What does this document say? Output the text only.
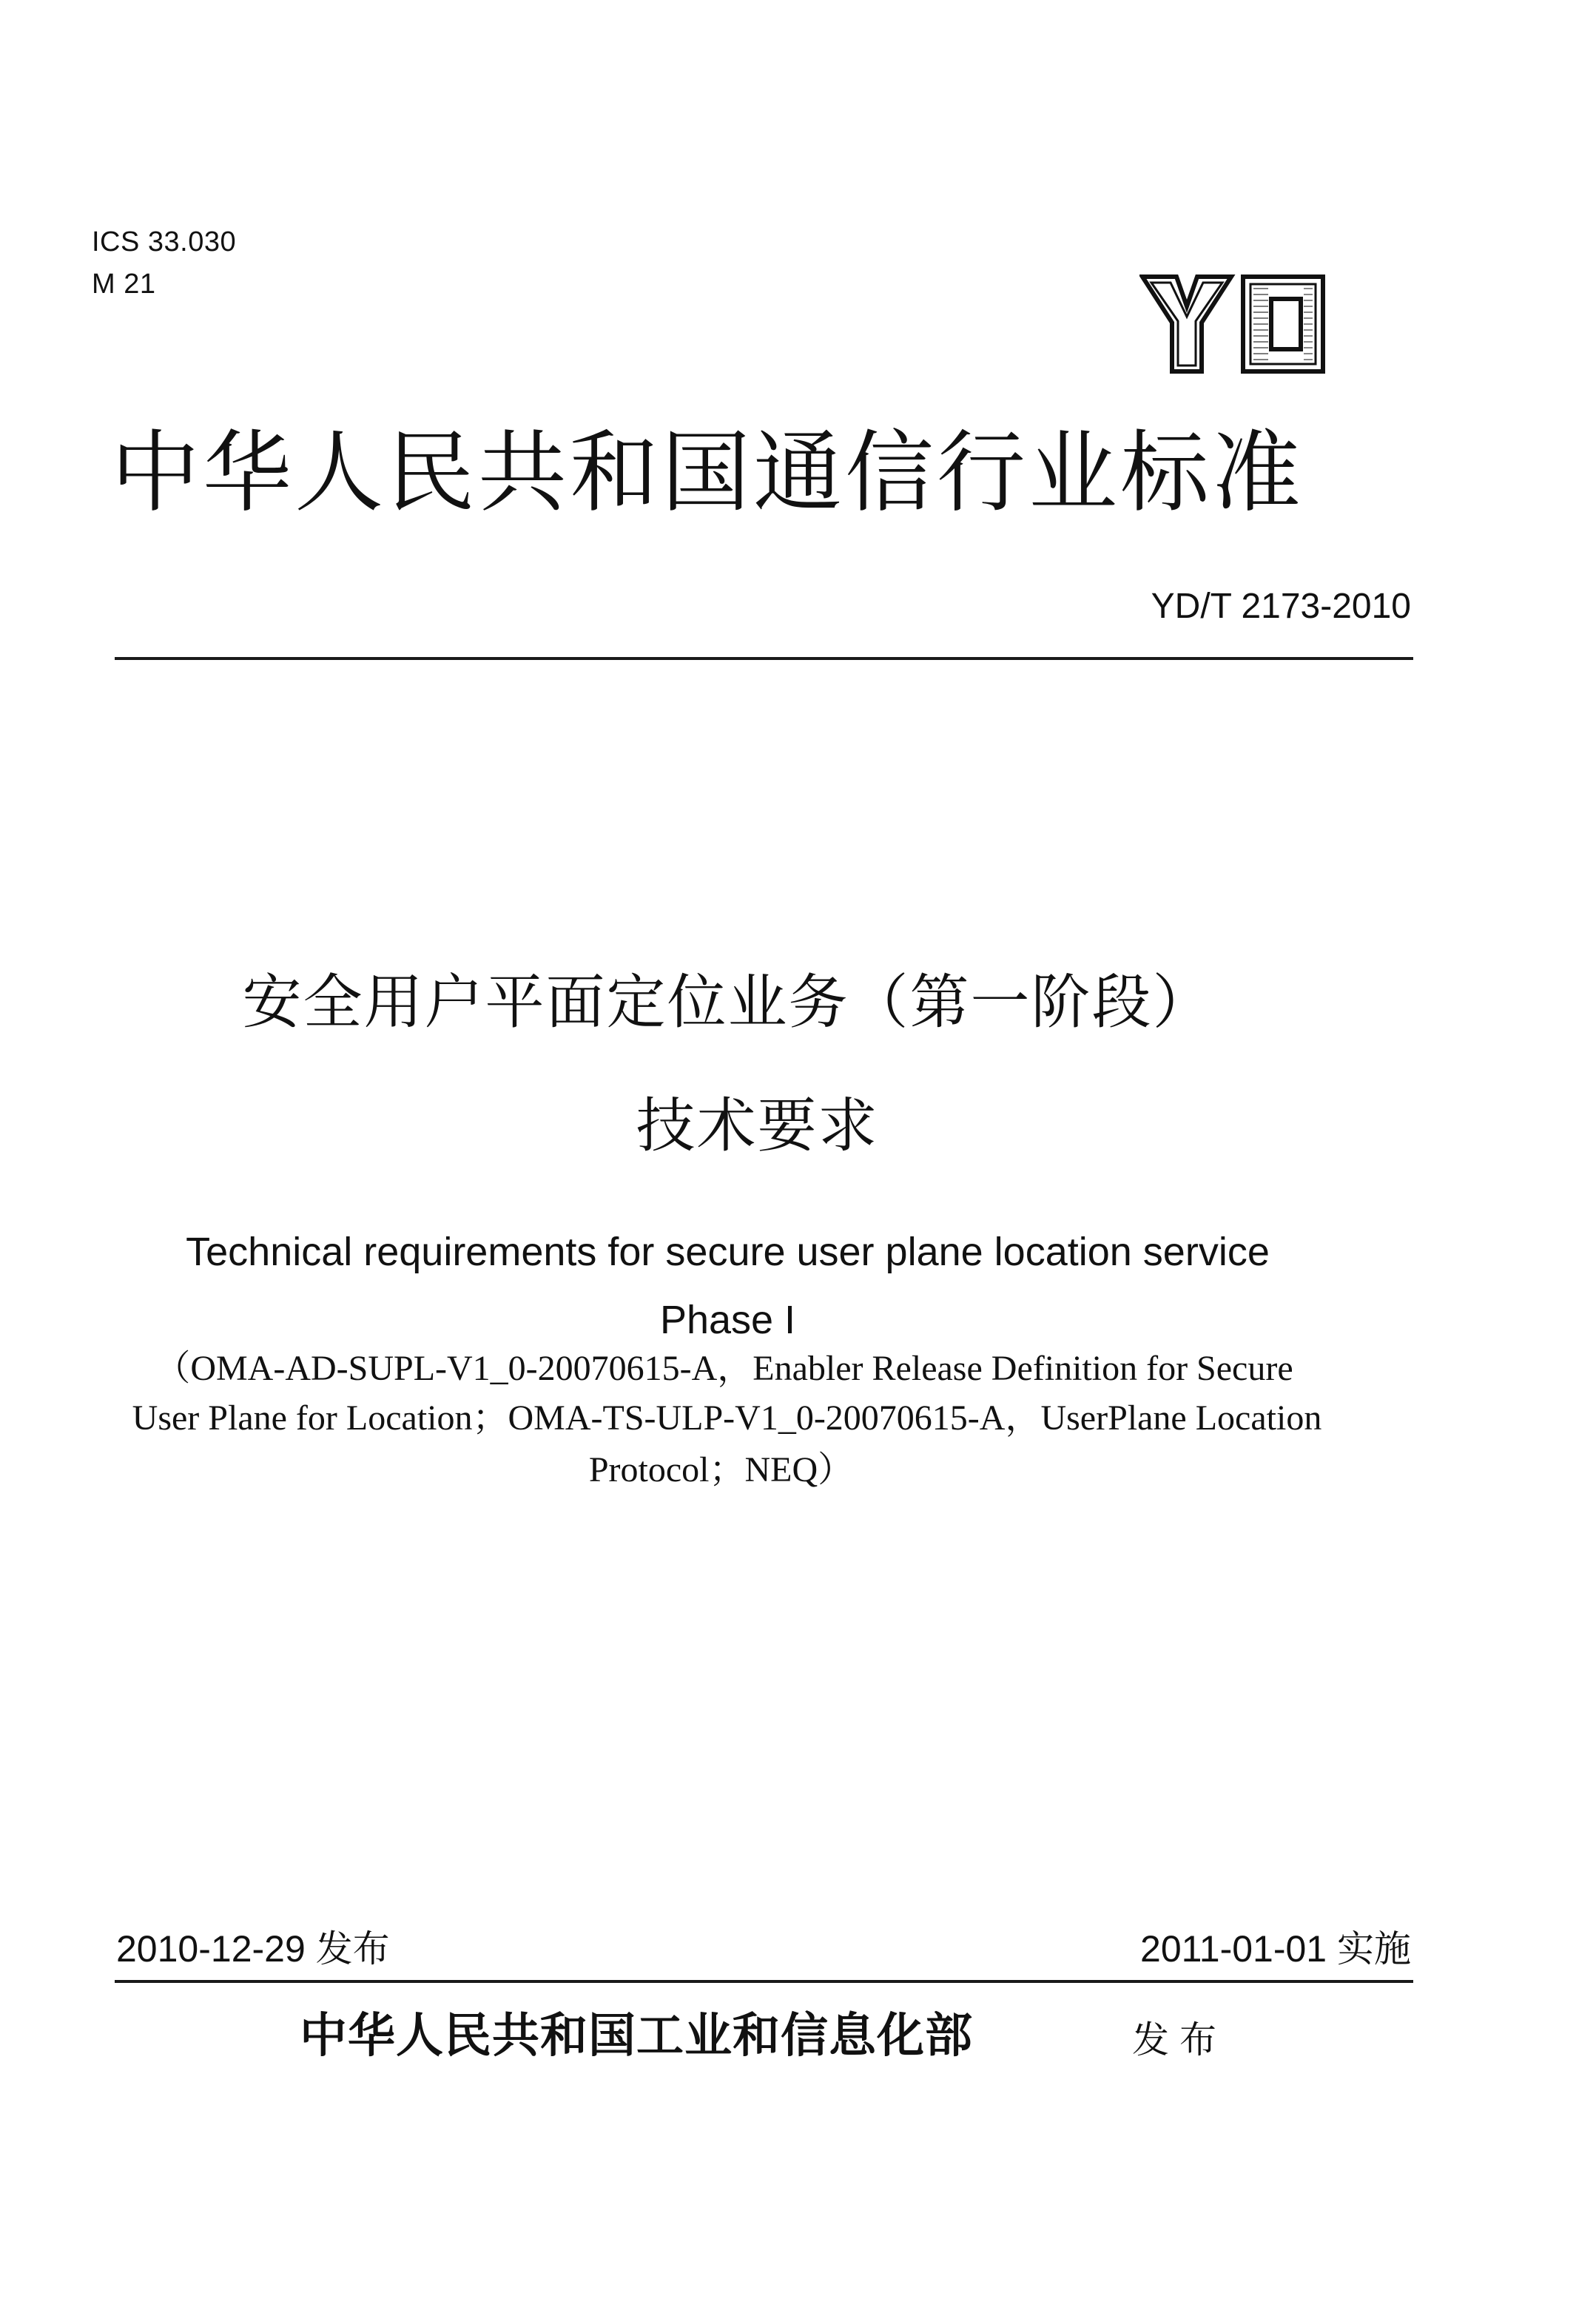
ICS 33.030
M 21
中华人民共和国通信行业标准
YD/T 2173-2010
安全用户平面定位业务（第一阶段）
技术要求
Technical requirements for secure user plane location service
Phase I
（OMA-AD-SUPL-V1_0-20070615-A，Enabler Release Definition for Secure
User Plane for Location；OMA-TS-ULP-V1_0-20070615-A，UserPlane Location
Protocol；NEQ）
2010-12-29 发布	2011-01-01 实施
中华人民共和国工业和信息化部	发布
